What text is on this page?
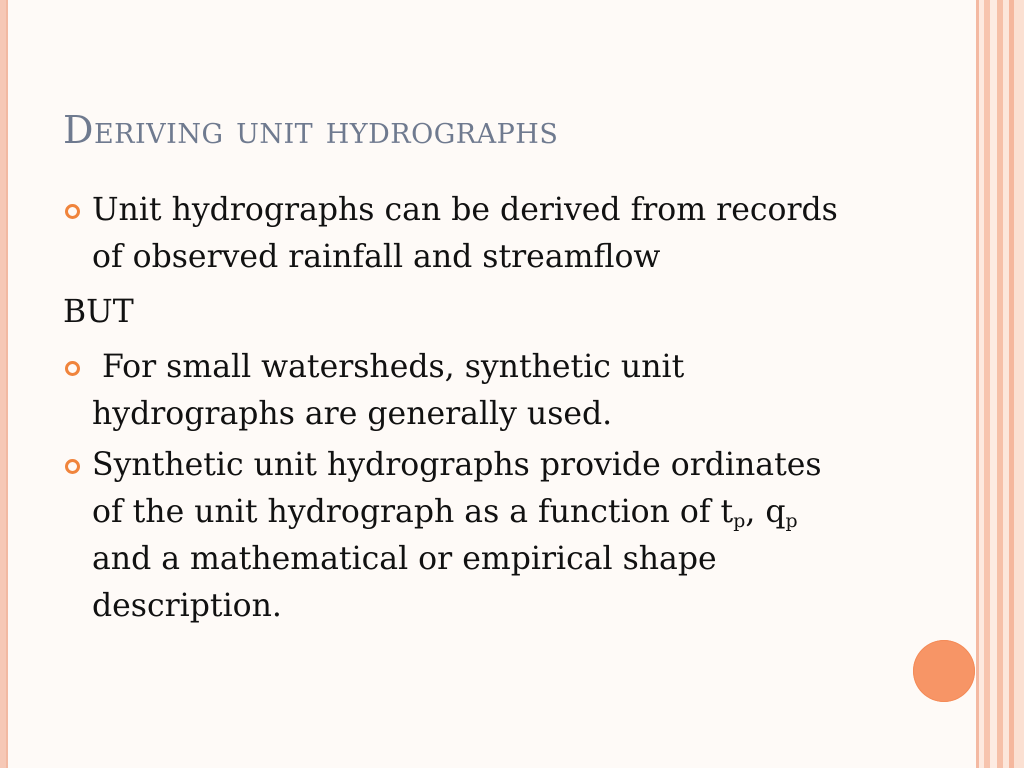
Deriving unit hydrographs
Unit hydrographs can be derived from records of observed rainfall and streamflow
BUT
For small watersheds, synthetic unit hydrographs are generally used.
Synthetic unit hydrographs provide ordinates of the unit hydrograph as a function of $t_p$, $q_p$ and a mathematical or empirical shape description.
